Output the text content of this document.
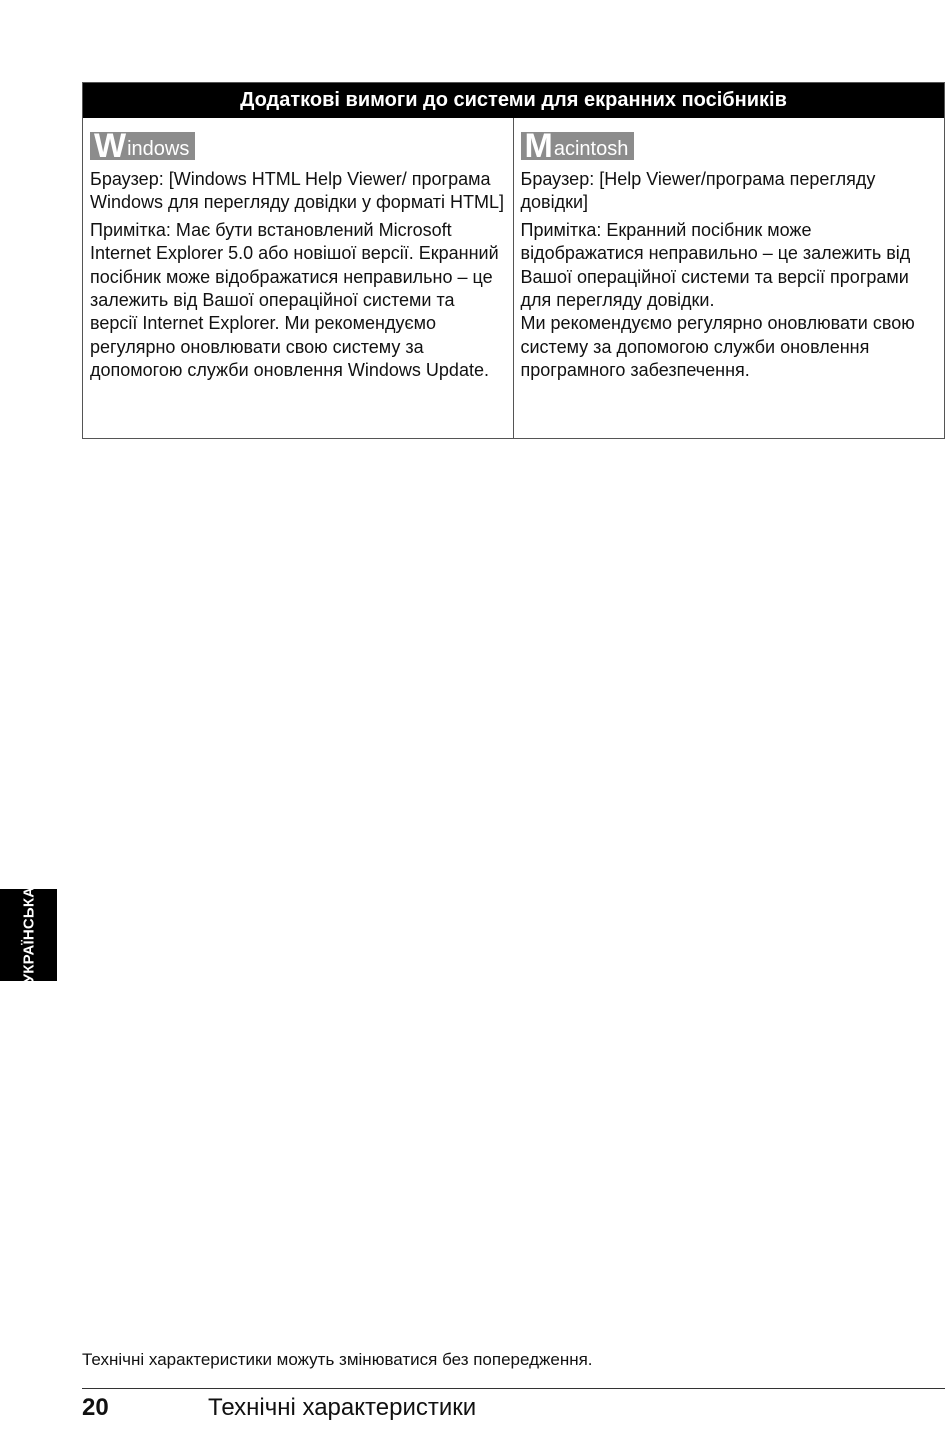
Додаткові вимоги до системи для екранних посібників
Windows

Браузер: [Windows HTML Help Viewer/ програма Windows для перегляду довідки у форматі HTML]

Примітка: Має бути встановлений Microsoft Internet Explorer 5.0 або новішої версії. Екранний посібник може відображатися неправильно – це залежить від Вашої операційної системи та версії Internet Explorer. Ми рекомендуємо регулярно оновлювати свою систему за допомогою служби оновлення Windows Update.

Macintosh

Браузер: [Help Viewer/програма перегляду довідки]

Примітка: Екранний посібник може відображатися неправильно – це залежить від Вашої операційної системи та версії програми для перегляду довідки.

Ми рекомендуємо регулярно оновлювати свою систему за допомогою служби оновлення програмного забезпечення.

УКРАЇНСЬКА
Технічні характеристики можуть змінюватися без попередження.
20	Технічні характеристики
